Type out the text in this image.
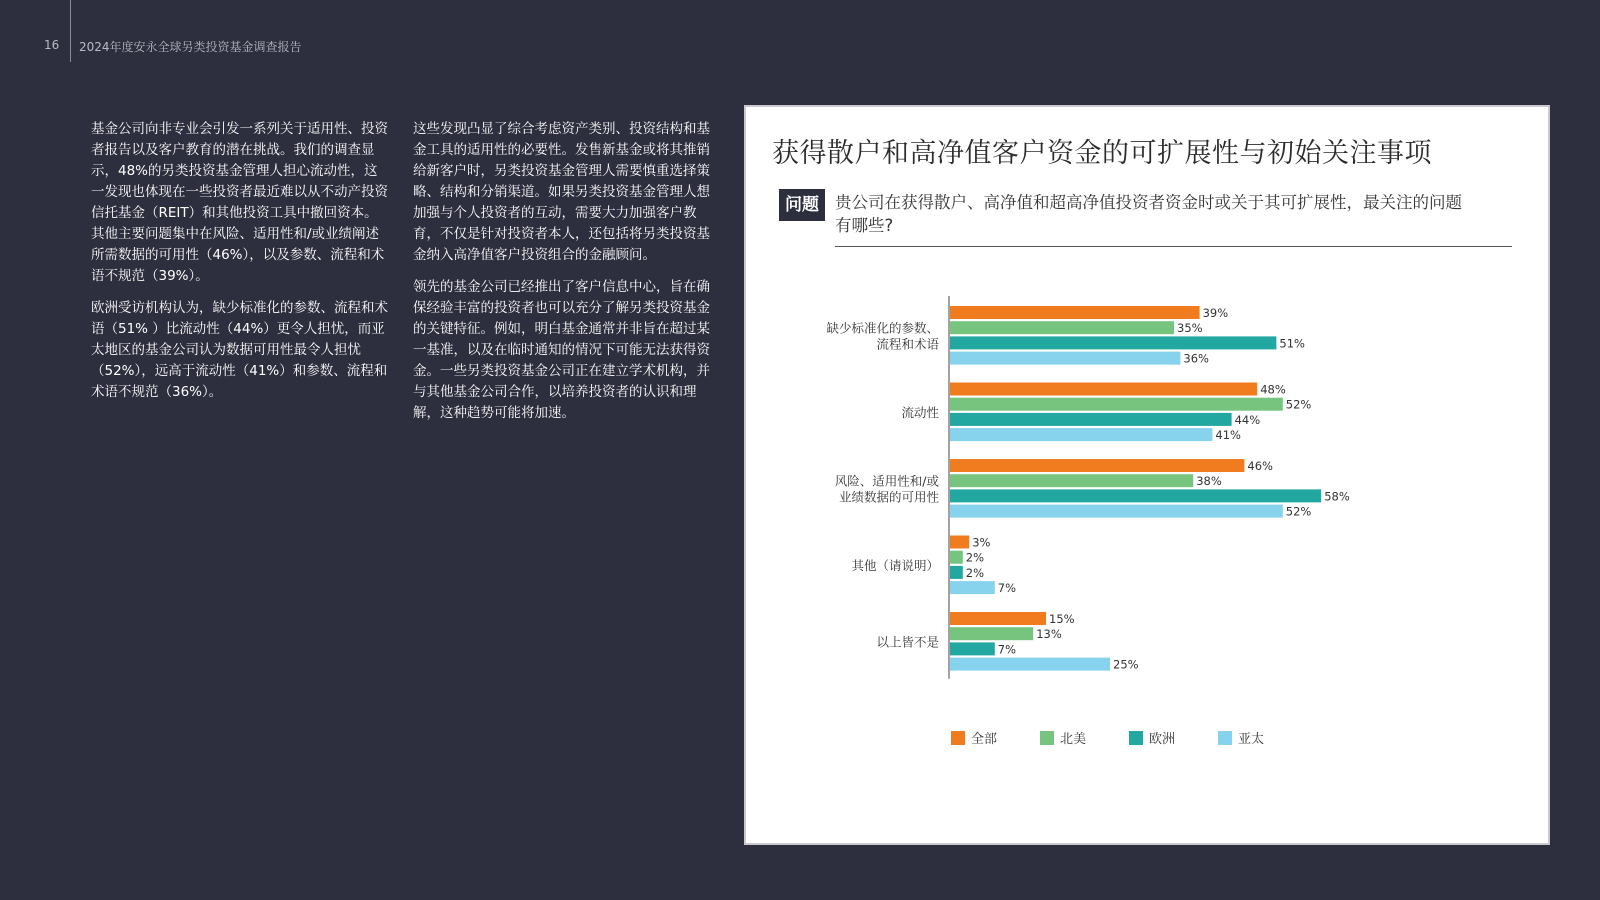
16 2024年度安永全球另类投资基金调查报告

基金公司向非专业会引发一系列关于适用性、投资者报告以及客户教育的潜在挑战。我们的调查显示，48%的另类投资基金管理人担心流动性，这一发现也体现在一些投资者最近难以从不动产投资信托基金（REIT）和其他投资工具中撤回资本。其他主要问题集中在风险、适用性和/或业绩阐述所需数据的可用性（46%），以及参数、流程和术语不规范（39%）。

欧洲受访机构认为，缺少标准化的参数、流程和术语（51% ）比流动性（44%）更令人担忧，而亚太地区的基金公司认为数据可用性最令人担忧（52%），远高于流动性（41%）和参数、流程和术语不规范（36%）。

这些发现凸显了综合考虑资产类别、投资结构和基金工具的适用性的必要性。发售新基金或将其推销给新客户时，另类投资基金管理人需要慎重选择策略、结构和分销渠道。如果另类投资基金管理人想加强与个人投资者的互动，需要大力加强客户教育，不仅是针对投资者本人，还包括将另类投资基金纳入高净值客户投资组合的金融顾问。

领先的基金公司已经推出了客户信息中心，旨在确保经验丰富的投资者也可以充分了解另类投资基金的关键特征。例如，明白基金通常并非旨在超过某一基准，以及在临时通知的情况下可能无法获得资金。一些另类投资基金公司正在建立学术机构，并与其他基金公司合作，以培养投资者的认识和理解，这种趋势可能将加速。

获得散户和高净值客户资金的可扩展性与初始关注事项
问题 贵公司在获得散户、高净值和超高净值投资者资金时或关于其可扩展性，最关注的问题有哪些?
缺少标准化的参数、
流程和术语
39%
35%
51%
36%
流动性
48%
52%
44%
41%
风险、适用性和/或
业绩数据的可用性
46%
38%
58%
52%
其他（请说明）
3%
2%
2%
7%
以上皆不是
15%
13%
7%
25%
全部	北美	欧洲	亚太
